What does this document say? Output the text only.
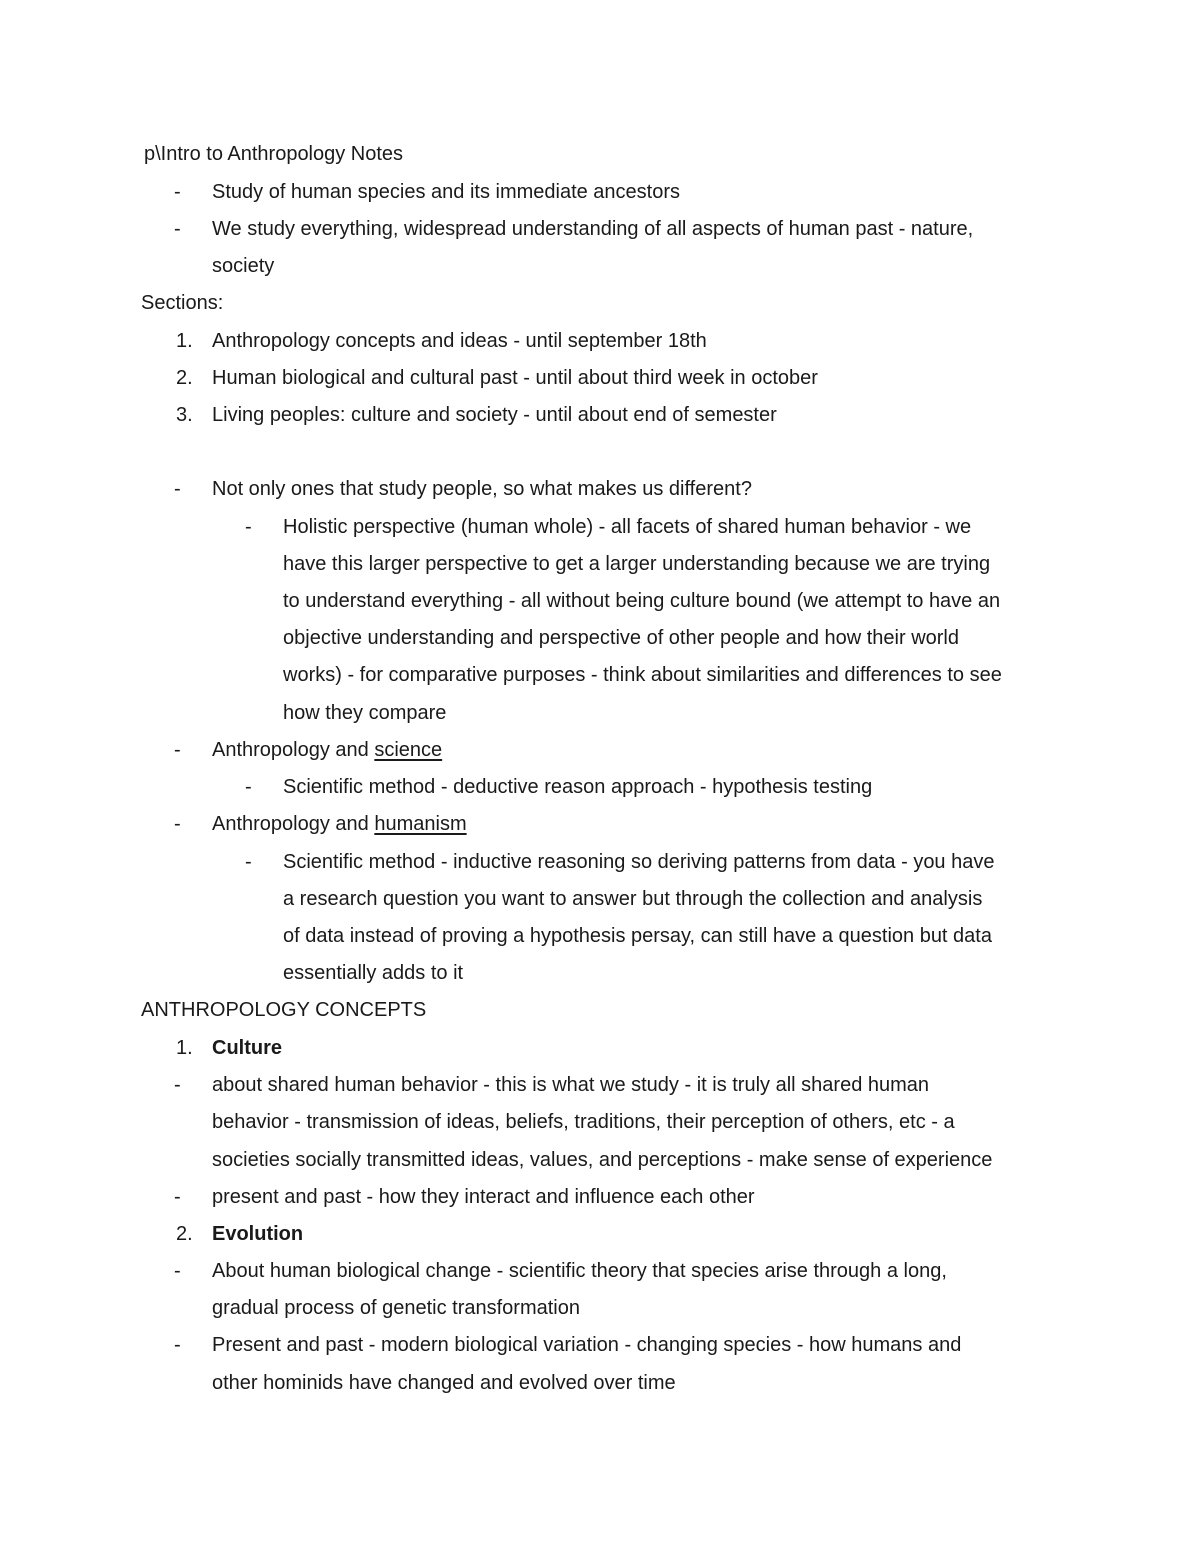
p\Intro to Anthropology Notes
- Study of human species and its immediate ancestors
- We study everything, widespread understanding of all aspects of human past - nature,
society
Sections:
1. Anthropology concepts and ideas - until september 18th
2. Human biological and cultural past - until about third week in october
3. Living peoples: culture and society - until about end of semester
- Not only ones that study people, so what makes us different?
- Holistic perspective (human whole) - all facets of shared human behavior - we
have this larger perspective to get a larger understanding because we are trying
to understand everything - all without being culture bound (we attempt to have an
objective understanding and perspective of other people and how their world
works) - for comparative purposes - think about similarities and differences to see
how they compare
- Anthropology and science
- Scientific method - deductive reason approach - hypothesis testing
- Anthropology and humanism
- Scientific method - inductive reasoning so deriving patterns from data - you have
a research question you want to answer but through the collection and analysis
of data instead of proving a hypothesis persay, can still have a question but data
essentially adds to it
ANTHROPOLOGY CONCEPTS
1. Culture
- about shared human behavior - this is what we study - it is truly all shared human
behavior - transmission of ideas, beliefs, traditions, their perception of others, etc - a
societies socially transmitted ideas, values, and perceptions - make sense of experience
- present and past - how they interact and influence each other
2. Evolution
- About human biological change - scientific theory that species arise through a long,
gradual process of genetic transformation
- Present and past - modern biological variation - changing species - how humans and
other hominids have changed and evolved over time
